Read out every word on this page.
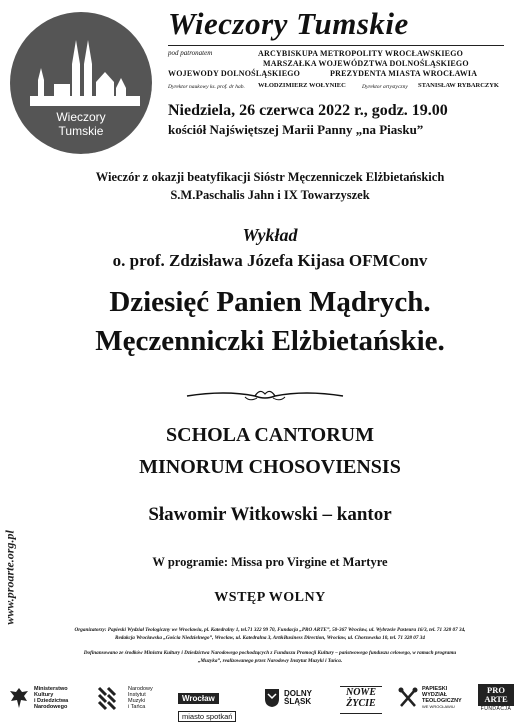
Wieczory
Tumskie
Wieczory Tumskie
pod patronatem	ARCYBISKUPA METROPOLITY WROCŁAWSKIEGO
MARSZAŁKA WOJEWÓDZTWA DOLNOŚLĄSKIEGO
WOJEWODY DOLNOŚLĄSKIEGO	PREZYDENTA MIASTA WROCŁAWIA
Dyrektor naukowy ks. prof. dr hab. WŁODZIMIERZ WOŁYNIEC	Dyrektor artystyczny STANISŁAW RYBARCZYK
Niedziela, 26 czerwca 2022 r., godz. 19.00
kościół Najświętszej Marii Panny „na Piasku”
Wieczór z okazji beatyfikacji Sióstr Męczenniczek Elżbietańskich
S.M.Paschalis Jahn i IX Towarzyszek
Wykład
o. prof. Zdzisława Józefa Kijasa OFMConv
Dziesięć Panien Mądrych.
Męczenniczki Elżbietańskie.
SCHOLA CANTORUM
MINORUM CHOSOVIENSIS
Sławomir Witkowski – kantor
W programie: Missa pro Virgine et Martyre
WSTĘP WOLNY
www.proarte.org.pl
Organizatorzy: Papieski Wydział Teologiczny we Wrocławiu, pl. Katedralny 1, tel.71 322 99 70, Fundacja „PRO ARTE”, 50-367 Wrocław, ul. Wybrzeże Pasteura 16/3, tel. 71 328 07 34,
Redakcja Wrocławska „Gościa Niedzielnego”, Wrocław, ul. Katedralna 3, Art&Business Direction, Wrocław, ul. Chorzowska 10, tel. 71 328 07 34
Dofinansowano ze środków Ministra Kultury i Dziedzictwa Narodowego pochodzących z Funduszu Promocji Kultury – państwowego funduszu celowego, w ramach programu
„Muzyka”, realizowanego przez Narodowy Instytut Muzyki i Tańca.
Ministerstwo
Kultury
i Dziedzictwa
Narodowego
Narodowy
Instytut
Muzyki
i Tańca
Wrocław miasto spotkań
DOLNY
ŚLĄSK
NOWE
ŻYCIE
PAPIESKI
WYDZIAŁ
TEOLOGICZNY
WE WROCŁAWIU
PRO
ARTE
FUNDACJA
